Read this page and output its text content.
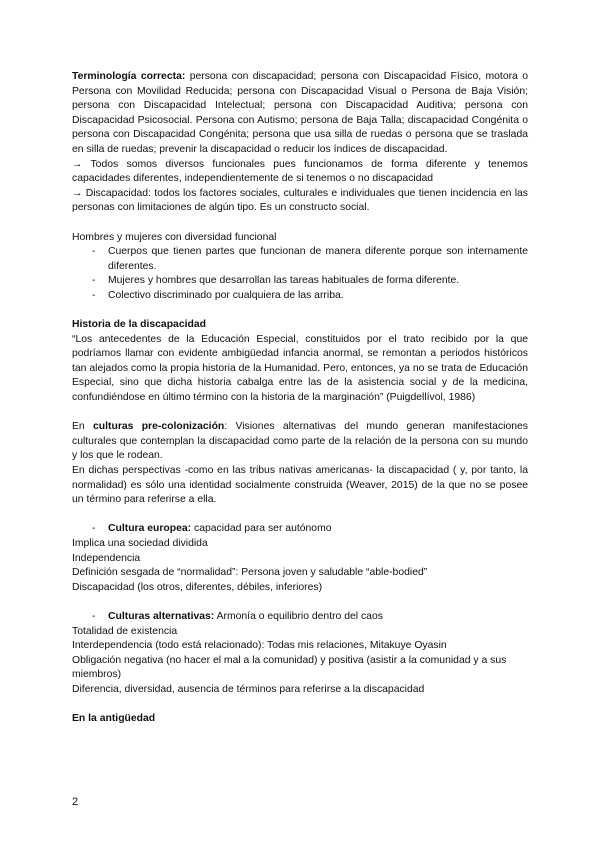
Terminología correcta: persona con discapacidad; persona con Discapacidad Físico, motora o Persona con Movilidad Reducida; persona con Discapacidad Visual o Persona de Baja Visión; persona con Discapacidad Intelectual; persona con Discapacidad Auditiva; persona con Discapacidad Psicosocial. Persona con Autismo; persona de Baja Talla; discapacidad Congénita o persona con Discapacidad Congénita; persona que usa silla de ruedas o persona que se traslada en silla de ruedas; prevenir la discapacidad o reducir los índices de discapacidad.

→ Todos somos diversos funcionales pues funcionamos de forma diferente y tenemos capacidades diferentes, independientemente de si tenemos o no discapacidad

→ Discapacidad: todos los factores sociales, culturales e individuales que tienen incidencia en las personas con limitaciones de algún tipo. Es un constructo social.

Hombres y mujeres con diversidad funcional

- Cuerpos que tienen partes que funcionan de manera diferente porque son internamente diferentes.
- Mujeres y hombres que desarrollan las tareas habituales de forma diferente.
- Colectivo discriminado por cualquiera de las arriba.

Historia de la discapacidad

“Los antecedentes de la Educación Especial, constituidos por el trato recibido por la que podríamos llamar con evidente ambigüedad infancia anormal, se remontan a periodos históricos tan alejados como la propia historia de la Humanidad. Pero, entonces, ya no se trata de Educación Especial, sino que dicha historia cabalga entre las de la asistencia social y de la medicina, confundiéndose en último término con la historia de la marginación” (Puigdellívol, 1986)

En culturas pre-colonización: Visiones alternativas del mundo generan manifestaciones culturales que contemplan la discapacidad como parte de la relación de la persona con su mundo y los que le rodean.

En dichas perspectivas -como en las tribus nativas americanas- la discapacidad ( y, por tanto, la normalidad) es sólo una identidad socialmente construida (Weaver, 2015) de la que no se posee un término para referirse a ella.

- Cultura europea: capacidad para ser autónomo

Implica una sociedad dividida

Independencia

Definición sesgada de “normalidad”: Persona joven y saludable “able-bodied”

Discapacidad (los otros, diferentes, débiles, inferiores)

- Culturas alternativas: Armonía o equilibrio dentro del caos

Totalidad de existencia

Interdependencia (todo está relacionado): Todas mis relaciones, Mitakuye Oyasin

Obligación negativa (no hacer el mal a la comunidad) y positiva (asistir a la comunidad y a sus miembros)

Diferencia, diversidad, ausencia de términos para referirse a la discapacidad

En la antigüedad

2
